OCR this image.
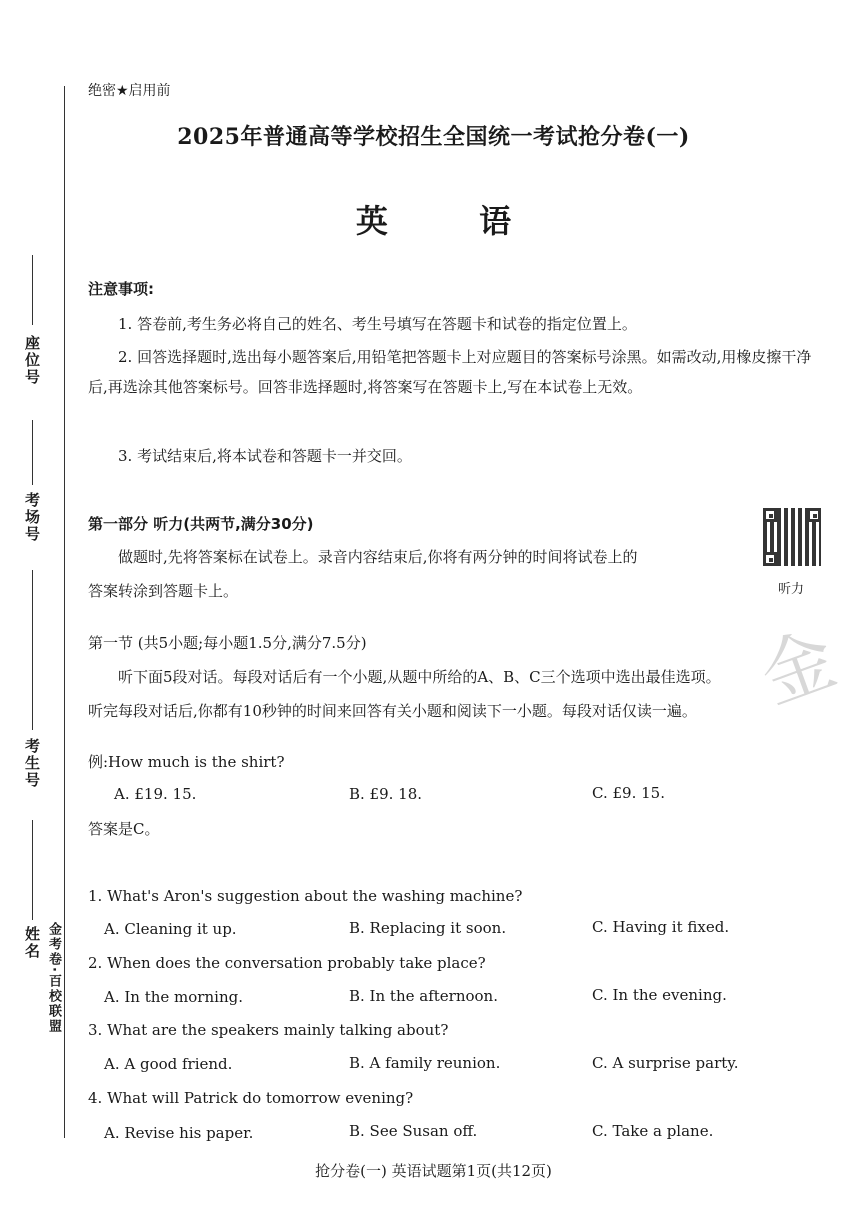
座位号
考场号
考生号
姓名 金考卷·百校联盟
绝密★启用前
2025年普通高等学校招生全国统一考试抢分卷(一)
英 语
注意事项:
1. 答卷前,考生务必将自己的姓名、考生号填写在答题卡和试卷的指定位置上。
2. 回答选择题时,选出每小题答案后,用铅笔把答题卡上对应题目的答案标号涂黑。如需改动,用橡皮擦干净后,再选涂其他答案标号。回答非选择题时,将答案写在答题卡上,写在本试卷上无效。
3. 考试结束后,将本试卷和答题卡一并交回。
第一部分 听力(共两节,满分30分)
做题时,先将答案标在试卷上。录音内容结束后,你将有两分钟的时间将试卷上的
答案转涂到答题卡上。	听力
金
第一节 (共5小题;每小题1.5分,满分7.5分)
听下面5段对话。每段对话后有一个小题,从题中所给的A、B、C三个选项中选出最佳选项。
听完每段对话后,你都有10秒钟的时间来回答有关小题和阅读下一小题。每段对话仅读一遍。
例:How much is the shirt?
A. £19. 15.	B. £9. 18.	C. £9. 15.
答案是C。
1. What's Aron's suggestion about the washing machine?
A. Cleaning it up.	B. Replacing it soon.	C. Having it fixed.
2. When does the conversation probably take place?
A. In the morning.	B. In the afternoon.	C. In the evening.
3. What are the speakers mainly talking about?
A. A good friend.	B. A family reunion.	C. A surprise party.
4. What will Patrick do tomorrow evening?
A. Revise his paper.	B. See Susan off.	C. Take a plane.
抢分卷(一) 英语试题第1页(共12页)
